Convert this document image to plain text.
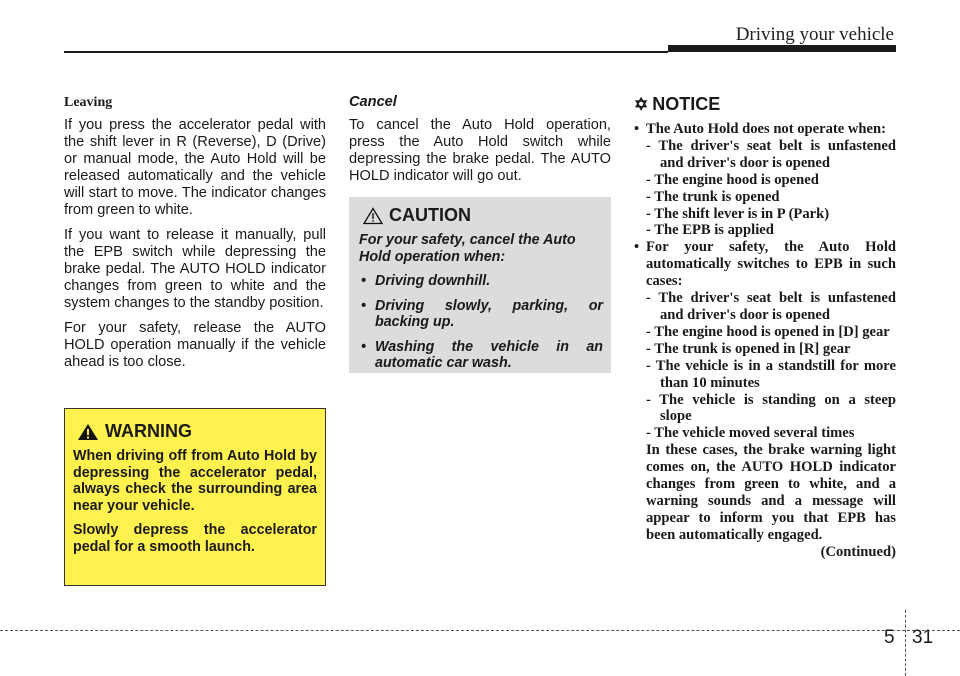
Driving your vehicle
Leaving

If you press the accelerator pedal with the shift lever in R (Reverse), D (Drive) or manual mode, the Auto Hold will be released automatically and the vehicle will start to move. The indicator changes from green to white.

If you want to release it manually, pull the EPB switch while depressing the brake pedal. The AUTO HOLD indicator changes from green to white and the system changes to the standby position.

For your safety, release the AUTO HOLD operation manually if the vehicle ahead is too close.

WARNING

When driving off from Auto Hold by depressing the accelerator pedal, always check the surrounding area near your vehicle.

Slowly depress the accelerator pedal for a smooth launch.

Cancel

To cancel the Auto Hold operation, press the Auto Hold switch while depressing the brake pedal. The AUTO HOLD indicator will go out.

CAUTION

For your safety, cancel the Auto Hold operation when:

• Driving downhill.
• Driving slowly, parking, or backing up.
• Washing the vehicle in an automatic car wash.
✡ NOTICE
• The Auto Hold does not operate when:
- The driver's seat belt is unfastened and driver's door is opened
- The engine hood is opened
- The trunk is opened
- The shift lever is in P (Park)
- The EPB is applied
• For your safety, the Auto Hold automatically switches to EPB in such cases:
- The driver's seat belt is unfastened and driver's door is opened
- The engine hood is opened in [D] gear
- The trunk is opened in [R] gear
- The vehicle is in a standstill for more than 10 minutes
- The vehicle is standing on a steep slope
- The vehicle moved several times
In these cases, the brake warning light comes on, the AUTO HOLD indicator changes from green to white, and a warning sounds and a message will appear to inform you that EPB has been automatically engaged.
(Continued)
5 31
